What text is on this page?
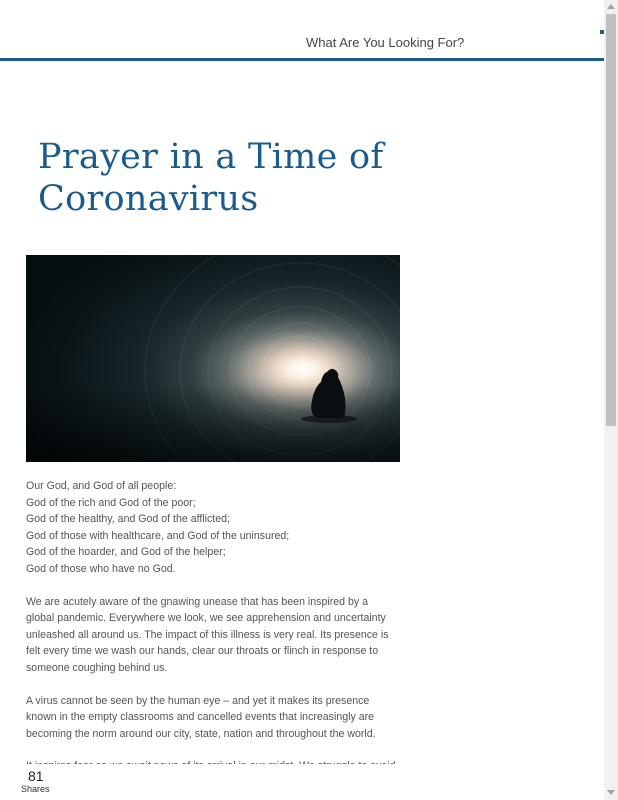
What Are You Looking For?
Prayer in a Time of Coronavirus

Our God, and God of all people:
God of the rich and God of the poor;
God of the healthy, and God of the afflicted;
God of those with healthcare, and God of the uninsured;
God of the hoarder, and God of the helper;
God of those who have no God.

We are acutely aware of the gnawing unease that has been inspired by a
global pandemic. Everywhere we look, we see apprehension and uncertainty
unleashed all around us. The impact of this illness is very real. Its presence is
felt every time we wash our hands, clear our throats or flinch in response to
someone coughing behind us.

A virus cannot be seen by the human eye – and yet it makes its presence
known in the empty classrooms and cancelled events that increasingly are
becoming the norm around our city, state, nation and throughout the world.

81
Shares
